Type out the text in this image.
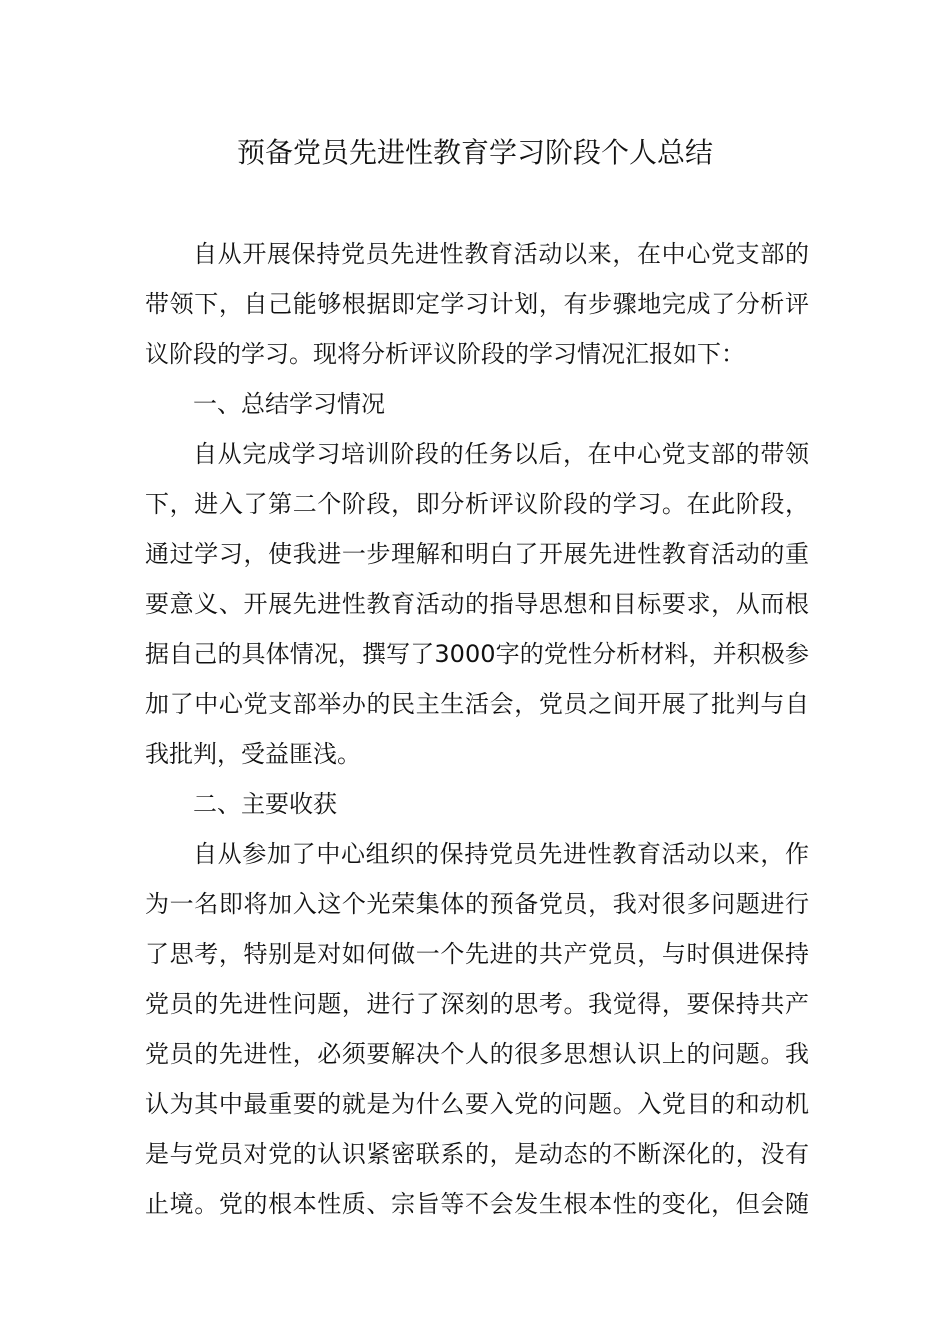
预备党员先进性教育学习阶段个人总结
自从开展保持党员先进性教育活动以来，在中心党支部的
带领下，自己能够根据即定学习计划，有步骤地完成了分析评
议阶段的学习。现将分析评议阶段的学习情况汇报如下：
一、总结学习情况
自从完成学习培训阶段的任务以后，在中心党支部的带领
下，进入了第二个阶段，即分析评议阶段的学习。在此阶段，
通过学习，使我进一步理解和明白了开展先进性教育活动的重
要意义、开展先进性教育活动的指导思想和目标要求，从而根
据自己的具体情况，撰写了3000字的党性分析材料，并积极参
加了中心党支部举办的民主生活会，党员之间开展了批判与自
我批判，受益匪浅。
二、主要收获
自从参加了中心组织的保持党员先进性教育活动以来，作
为一名即将加入这个光荣集体的预备党员，我对很多问题进行
了思考，特别是对如何做一个先进的共产党员，与时俱进保持
党员的先进性问题，进行了深刻的思考。我觉得，要保持共产
党员的先进性，必须要解决个人的很多思想认识上的问题。我
认为其中最重要的就是为什么要入党的问题。入党目的和动机
是与党员对党的认识紧密联系的，是动态的不断深化的，没有
止境。党的根本性质、宗旨等不会发生根本性的变化，但会随
